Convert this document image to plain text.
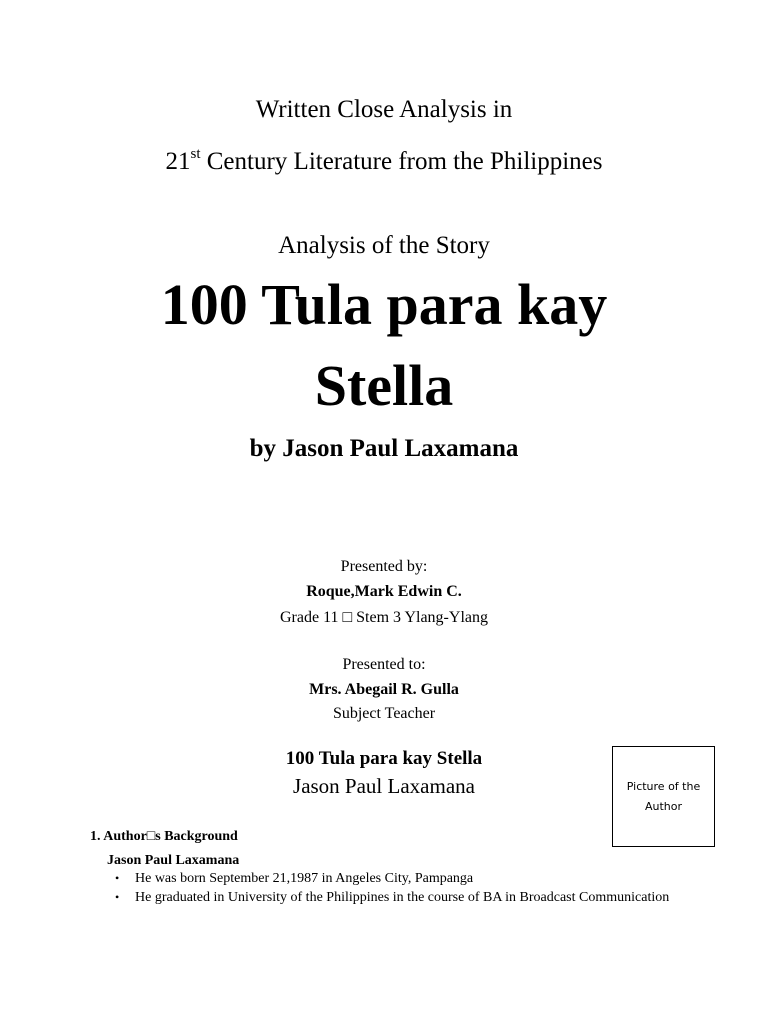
Written Close Analysis in
21st Century Literature from the Philippines
Analysis of the Story
100 Tula para kay
Stella
by Jason Paul Laxamana
Presented by:
Roque,Mark Edwin C.
Grade 11 □ Stem 3 Ylang-Ylang
Presented to:
Mrs. Abegail R. Gulla
Subject Teacher
100 Tula para kay Stella
Jason Paul Laxamana	Picture of the
Author
1. Author□s Background
Jason Paul Laxamana
• He was born September 21,1987 in Angeles City, Pampanga
• He graduated in University of the Philippines in the course of BA in Broadcast Communication
